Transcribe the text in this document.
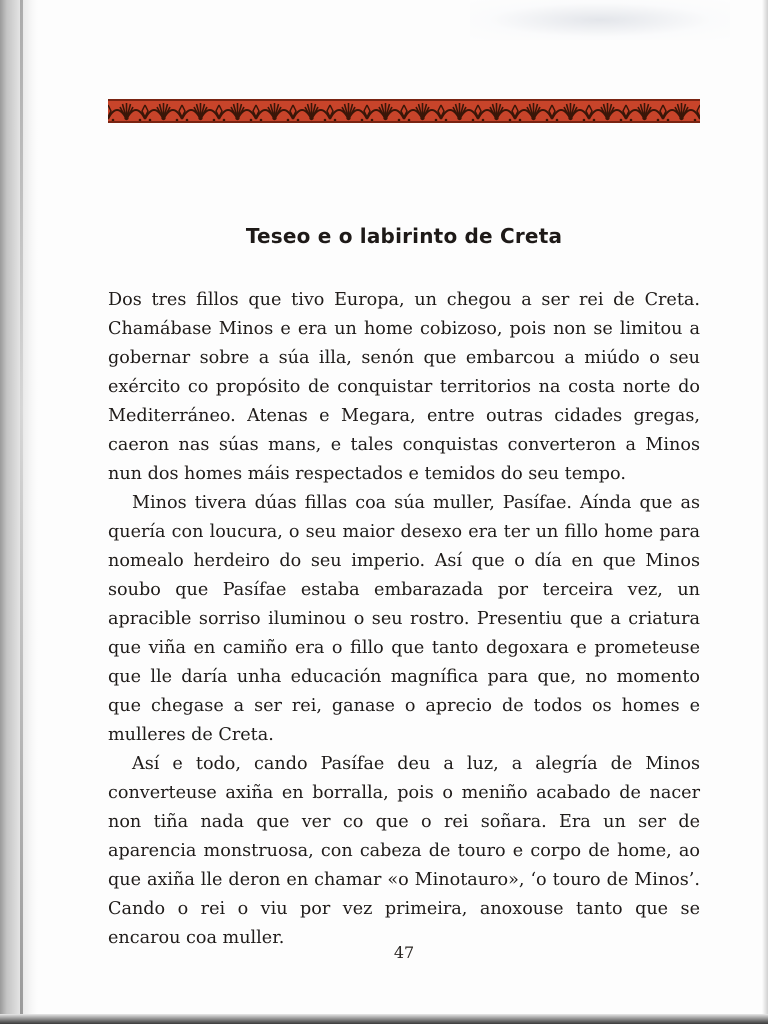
Teseo e o labirinto de Creta

Dos tres fillos que tivo Europa, un chegou a ser rei de Creta. Chamábase Minos e era un home cobizoso, pois non se limitou a gobernar sobre a súa illa, senón que embarcou a miúdo o seu exército co propósito de conquistar territorios na costa norte do Mediterráneo. Atenas e Megara, entre outras cidades gregas, caeron nas súas mans, e tales conquistas converteron a Minos nun dos homes máis respectados e temidos do seu tempo.

Minos tivera dúas fillas coa súa muller, Pasífae. Aínda que as quería con loucura, o seu maior desexo era ter un fillo home para nomealo herdeiro do seu imperio. Así que o día en que Minos soubo que Pasífae estaba embarazada por terceira vez, un apracible sorriso iluminou o seu rostro. Presentiu que a criatura que viña en camiño era o fillo que tanto degoxara e prometeuse que lle daría unha educación magnífica para que, no momento que chegase a ser rei, ganase o aprecio de todos os homes e mulleres de Creta.

Así e todo, cando Pasífae deu a luz, a alegría de Minos converteuse axiña en borralla, pois o meniño acabado de nacer non tiña nada que ver co que o rei soñara. Era un ser de aparencia monstruosa, con cabeza de touro e corpo de home, ao que axiña lle deron en chamar «o Minotauro», ‘o touro de Minos’. Cando o rei o viu por vez primeira, anoxouse tanto que se encarou coa muller.

47
